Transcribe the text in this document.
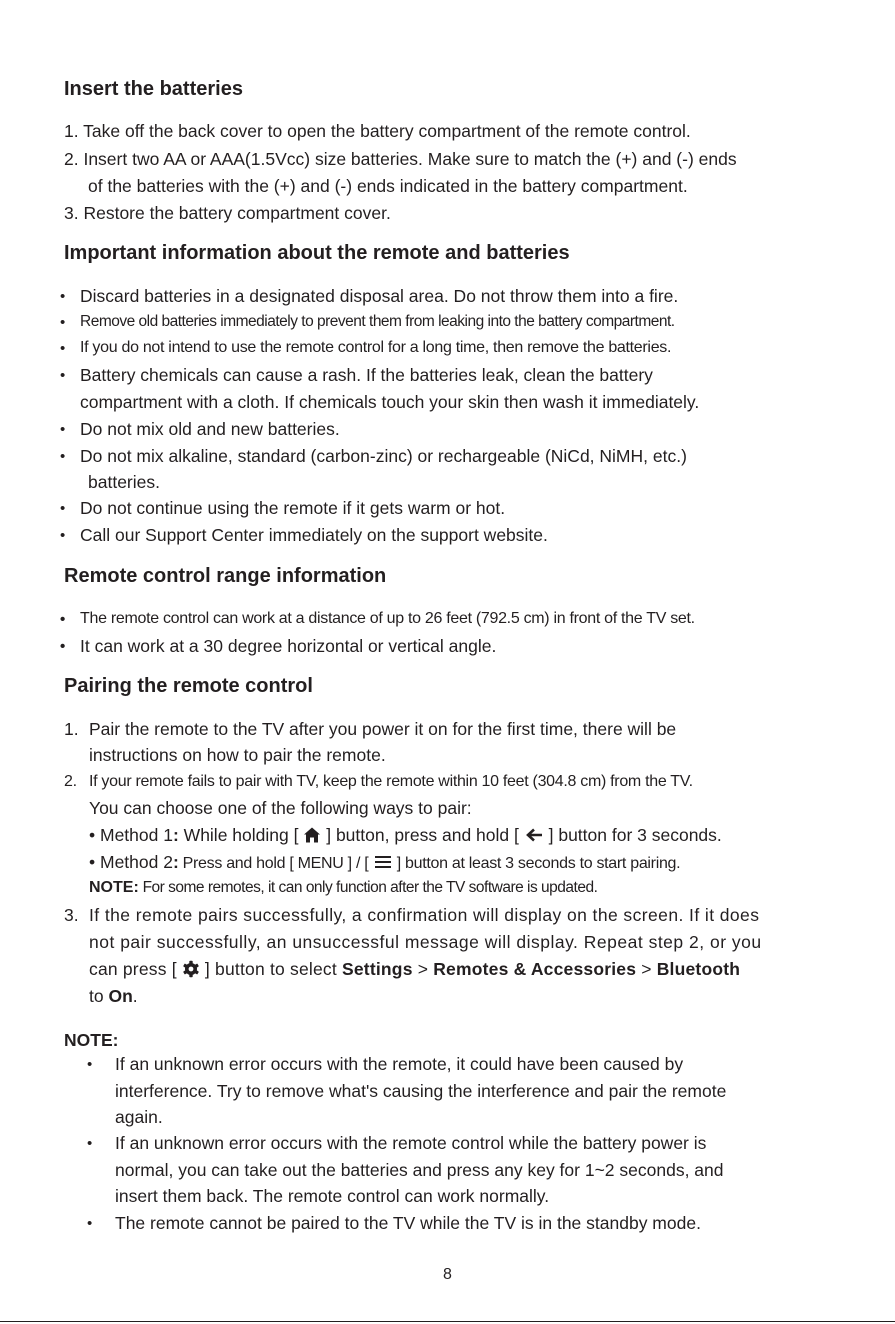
Insert the batteries
1. Take off the back cover to open the battery compartment of the remote control.
2. Insert two AA or AAA(1.5Vcc) size batteries. Make sure to match the (+) and (-) ends
of the batteries with the (+) and (-) ends indicated in the battery compartment.
3. Restore the battery compartment cover.
Important information about the remote and batteries
• Discard batteries in a designated disposal area. Do not throw them into a fire.
• Remove old batteries immediately to prevent them from leaking into the battery compartment.
• If you do not intend to use the remote control for a long time, then remove the batteries.
• Battery chemicals can cause a rash. If the batteries leak, clean the battery
compartment with a cloth. If chemicals touch your skin then wash it immediately.
• Do not mix old and new batteries.
• Do not mix alkaline, standard (carbon-zinc) or rechargeable (NiCd, NiMH, etc.)
batteries.
• Do not continue using the remote if it gets warm or hot.
• Call our Support Center immediately on the support website.
Remote control range information
• The remote control can work at a distance of up to 26 feet (792.5 cm) in front of the TV set.
• It can work at a 30 degree horizontal or vertical angle.
Pairing the remote control
1. Pair the remote to the TV after you power it on for the first time, there will be
instructions on how to pair the remote.
2. If your remote fails to pair with TV, keep the remote within 10 feet (304.8 cm) from the TV.
You can choose one of the following ways to pair:
• Method 1: While holding [ ] button, press and hold [ ] button for 3 seconds.
• Method 2: Press and hold [ MENU ] / [ ] button at least 3 seconds to start pairing.
NOTE: For some remotes, it can only function after the TV software is updated.
3. If the remote pairs successfully, a confirmation will display on the screen. If it does
not pair successfully, an unsuccessful message will display. Repeat step 2, or you
can press [ ] button to select Settings > Remotes & Accessories > Bluetooth
to On.
NOTE:
• If an unknown error occurs with the remote, it could have been caused by
interference. Try to remove what's causing the interference and pair the remote
again.
• If an unknown error occurs with the remote control while the battery power is
normal, you can take out the batteries and press any key for 1~2 seconds, and
insert them back. The remote control can work normally.
• The remote cannot be paired to the TV while the TV is in the standby mode.
8
